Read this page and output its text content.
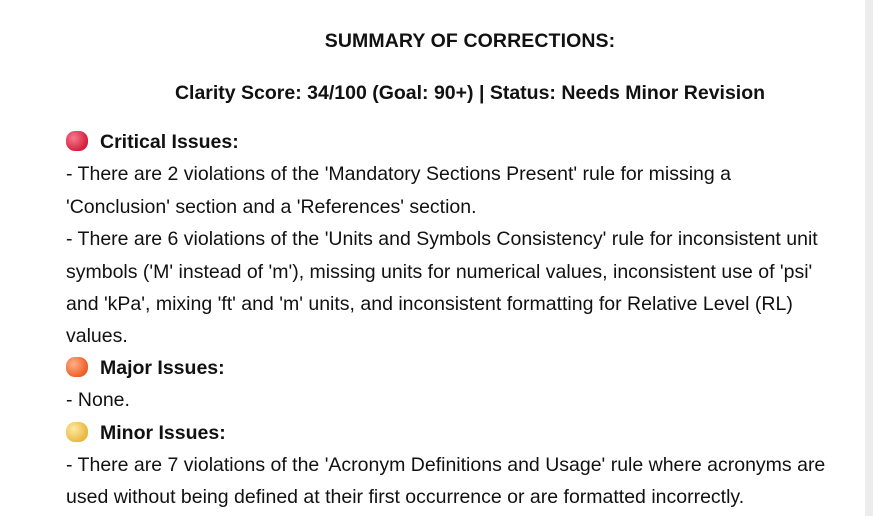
SUMMARY OF CORRECTIONS:
Clarity Score: 34/100 (Goal: 90+) | Status: Needs Minor Revision
Critical Issues:
- There are 2 violations of the 'Mandatory Sections Present' rule for missing a
'Conclusion' section and a 'References' section.
- There are 6 violations of the 'Units and Symbols Consistency' rule for inconsistent unit
symbols ('M' instead of 'm'), missing units for numerical values, inconsistent use of 'psi'
and 'kPa', mixing 'ft' and 'm' units, and inconsistent formatting for Relative Level (RL)
values.
Major Issues:
- None.
Minor Issues:
- There are 7 violations of the 'Acronym Definitions and Usage' rule where acronyms are
used without being defined at their first occurrence or are formatted incorrectly.
